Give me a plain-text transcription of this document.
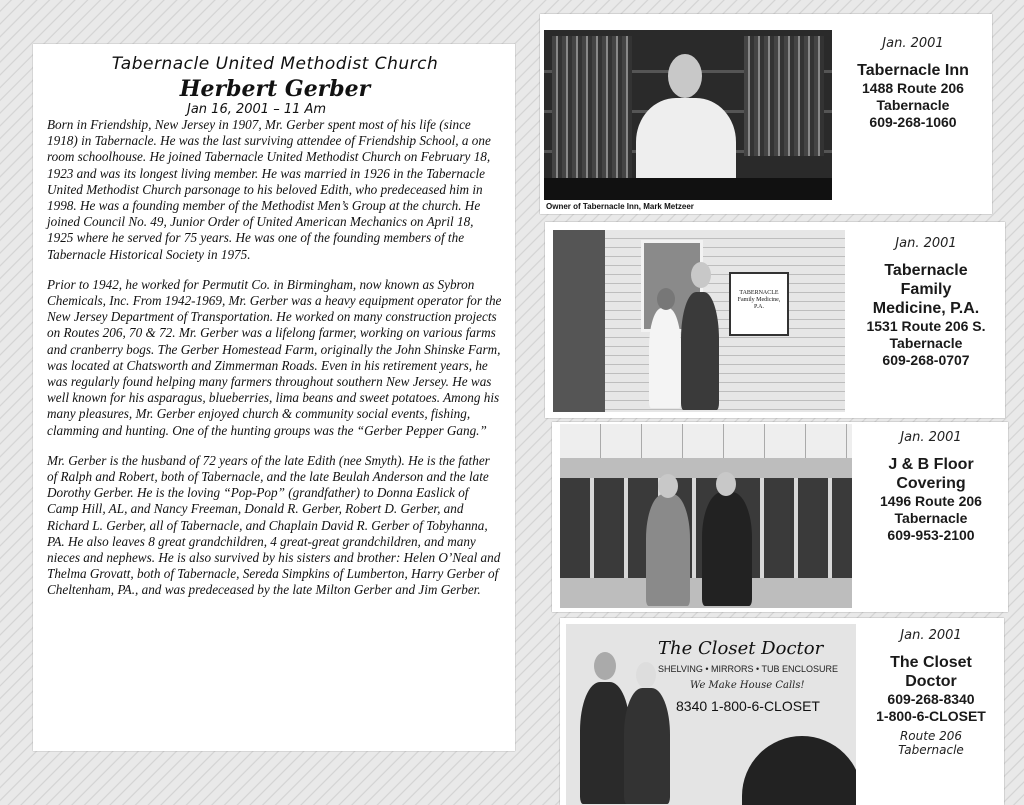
Tabernacle United Methodist Church
Herbert Gerber
Jan 16, 2001 – 11 Am

Born in Friendship, New Jersey in 1907, Mr. Gerber spent most of his life (since 1918) in Tabernacle. He was the last surviving attendee of Friendship School, a one room schoolhouse. He joined Tabernacle United Methodist Church on February 18, 1923 and was its longest living member. He was married in 1926 in the Tabernacle United Methodist Church parsonage to his beloved Edith, who predeceased him in 1998. He was a founding member of the Methodist Men’s Group at the church. He joined Council No. 49, Junior Order of United American Mechanics on April 18, 1925 where he served for 75 years. He was one of the founding members of the Tabernacle Historical Society in 1975.

Prior to 1942, he worked for Permutit Co. in Birmingham, now known as Sybron Chemicals, Inc. From 1942-1969, Mr. Gerber was a heavy equipment operator for the New Jersey Department of Transportation. He worked on many construction projects on Routes 206, 70 & 72. Mr. Gerber was a lifelong farmer, working on various farms and cranberry bogs. The Gerber Homestead Farm, originally the John Shinske Farm, was located at Chatsworth and Zimmerman Roads. Even in his retirement years, he was regularly found helping many farmers throughout southern New Jersey. He was well known for his asparagus, blueberries, lima beans and sweet potatoes. Among his many pleasures, Mr. Gerber enjoyed church & community social events, fishing, clamming and hunting. One of the hunting groups was the “Gerber Pepper Gang.”

Mr. Gerber is the husband of 72 years of the late Edith (nee Smyth). He is the father of Ralph and Robert, both of Tabernacle, and the late Beulah Anderson and the late Dorothy Gerber. He is the loving “Pop-Pop” (grandfather) to Donna Easlick of Camp Hill, AL, and Nancy Freeman, Donald R. Gerber, Robert D. Gerber, and Richard L. Gerber, all of Tabernacle, and Chaplain David R. Gerber of Tobyhanna, PA. He also leaves 8 great grandchildren, 4 great-great grandchildren, and many nieces and nephews. He is also survived by his sisters and brother: Helen O’Neal and Thelma Grovatt, both of Tabernacle, Sereda Simpkins of Lumberton, Harry Gerber of Cheltenham, PA., and was predeceased by the late Milton Gerber and Jim Gerber.

Owner of Tabernacle Inn, Mark Metzeer
Jan. 2001
Tabernacle Inn
1488 Route 206
Tabernacle
609-268-1060
TABERNACLE Family Medicine, P.A.
Jan. 2001
Tabernacle
Family
Medicine, P.A.
1531 Route 206 S.
Tabernacle
609-268-0707
Jan. 2001
J & B Floor
Covering
1496 Route 206
Tabernacle
609-953-2100
The Closet Doctor
SHELVING • MIRRORS • TUB ENCLOSURE
We Make House Calls!
8340 1-800-6-CLOSET
Jan. 2001
The Closet
Doctor
609-268-8340
1-800-6-CLOSET
Route 206
Tabernacle
